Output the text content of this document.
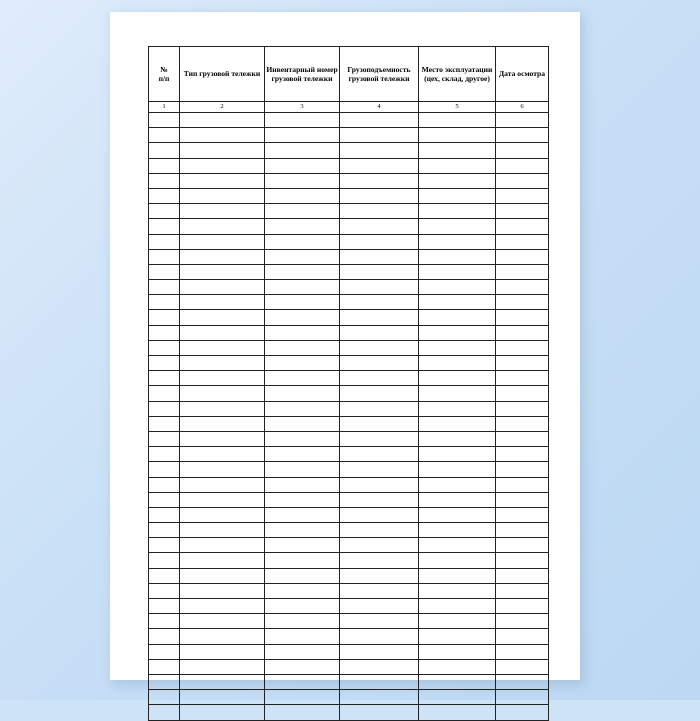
№
п/п	Тип грузовой тележки	Инвентарный номер грузовой тележки	Грузоподъемность грузовой тележки	Место эксплуатации (цех, склад, другое)	Дата осмотра
1	2	3	4	5	6
